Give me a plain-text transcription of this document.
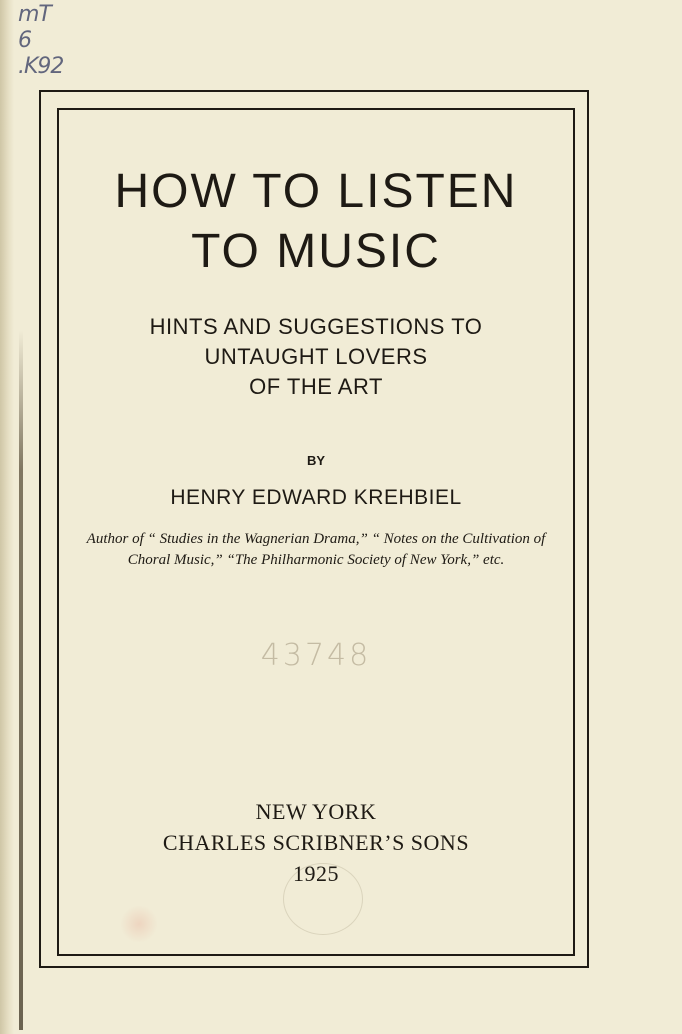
mT
6
.K92
HOW TO LISTEN
TO MUSIC
HINTS AND SUGGESTIONS TO
UNTAUGHT LOVERS
OF THE ART
BY
HENRY EDWARD KREHBIEL
Author of “ Studies in the Wagnerian Drama,” “ Notes on the Cultivation of Choral Music,” “The Philharmonic Society of New York,” etc.
43748
NEW YORK
CHARLES SCRIBNER’S SONS
1925
